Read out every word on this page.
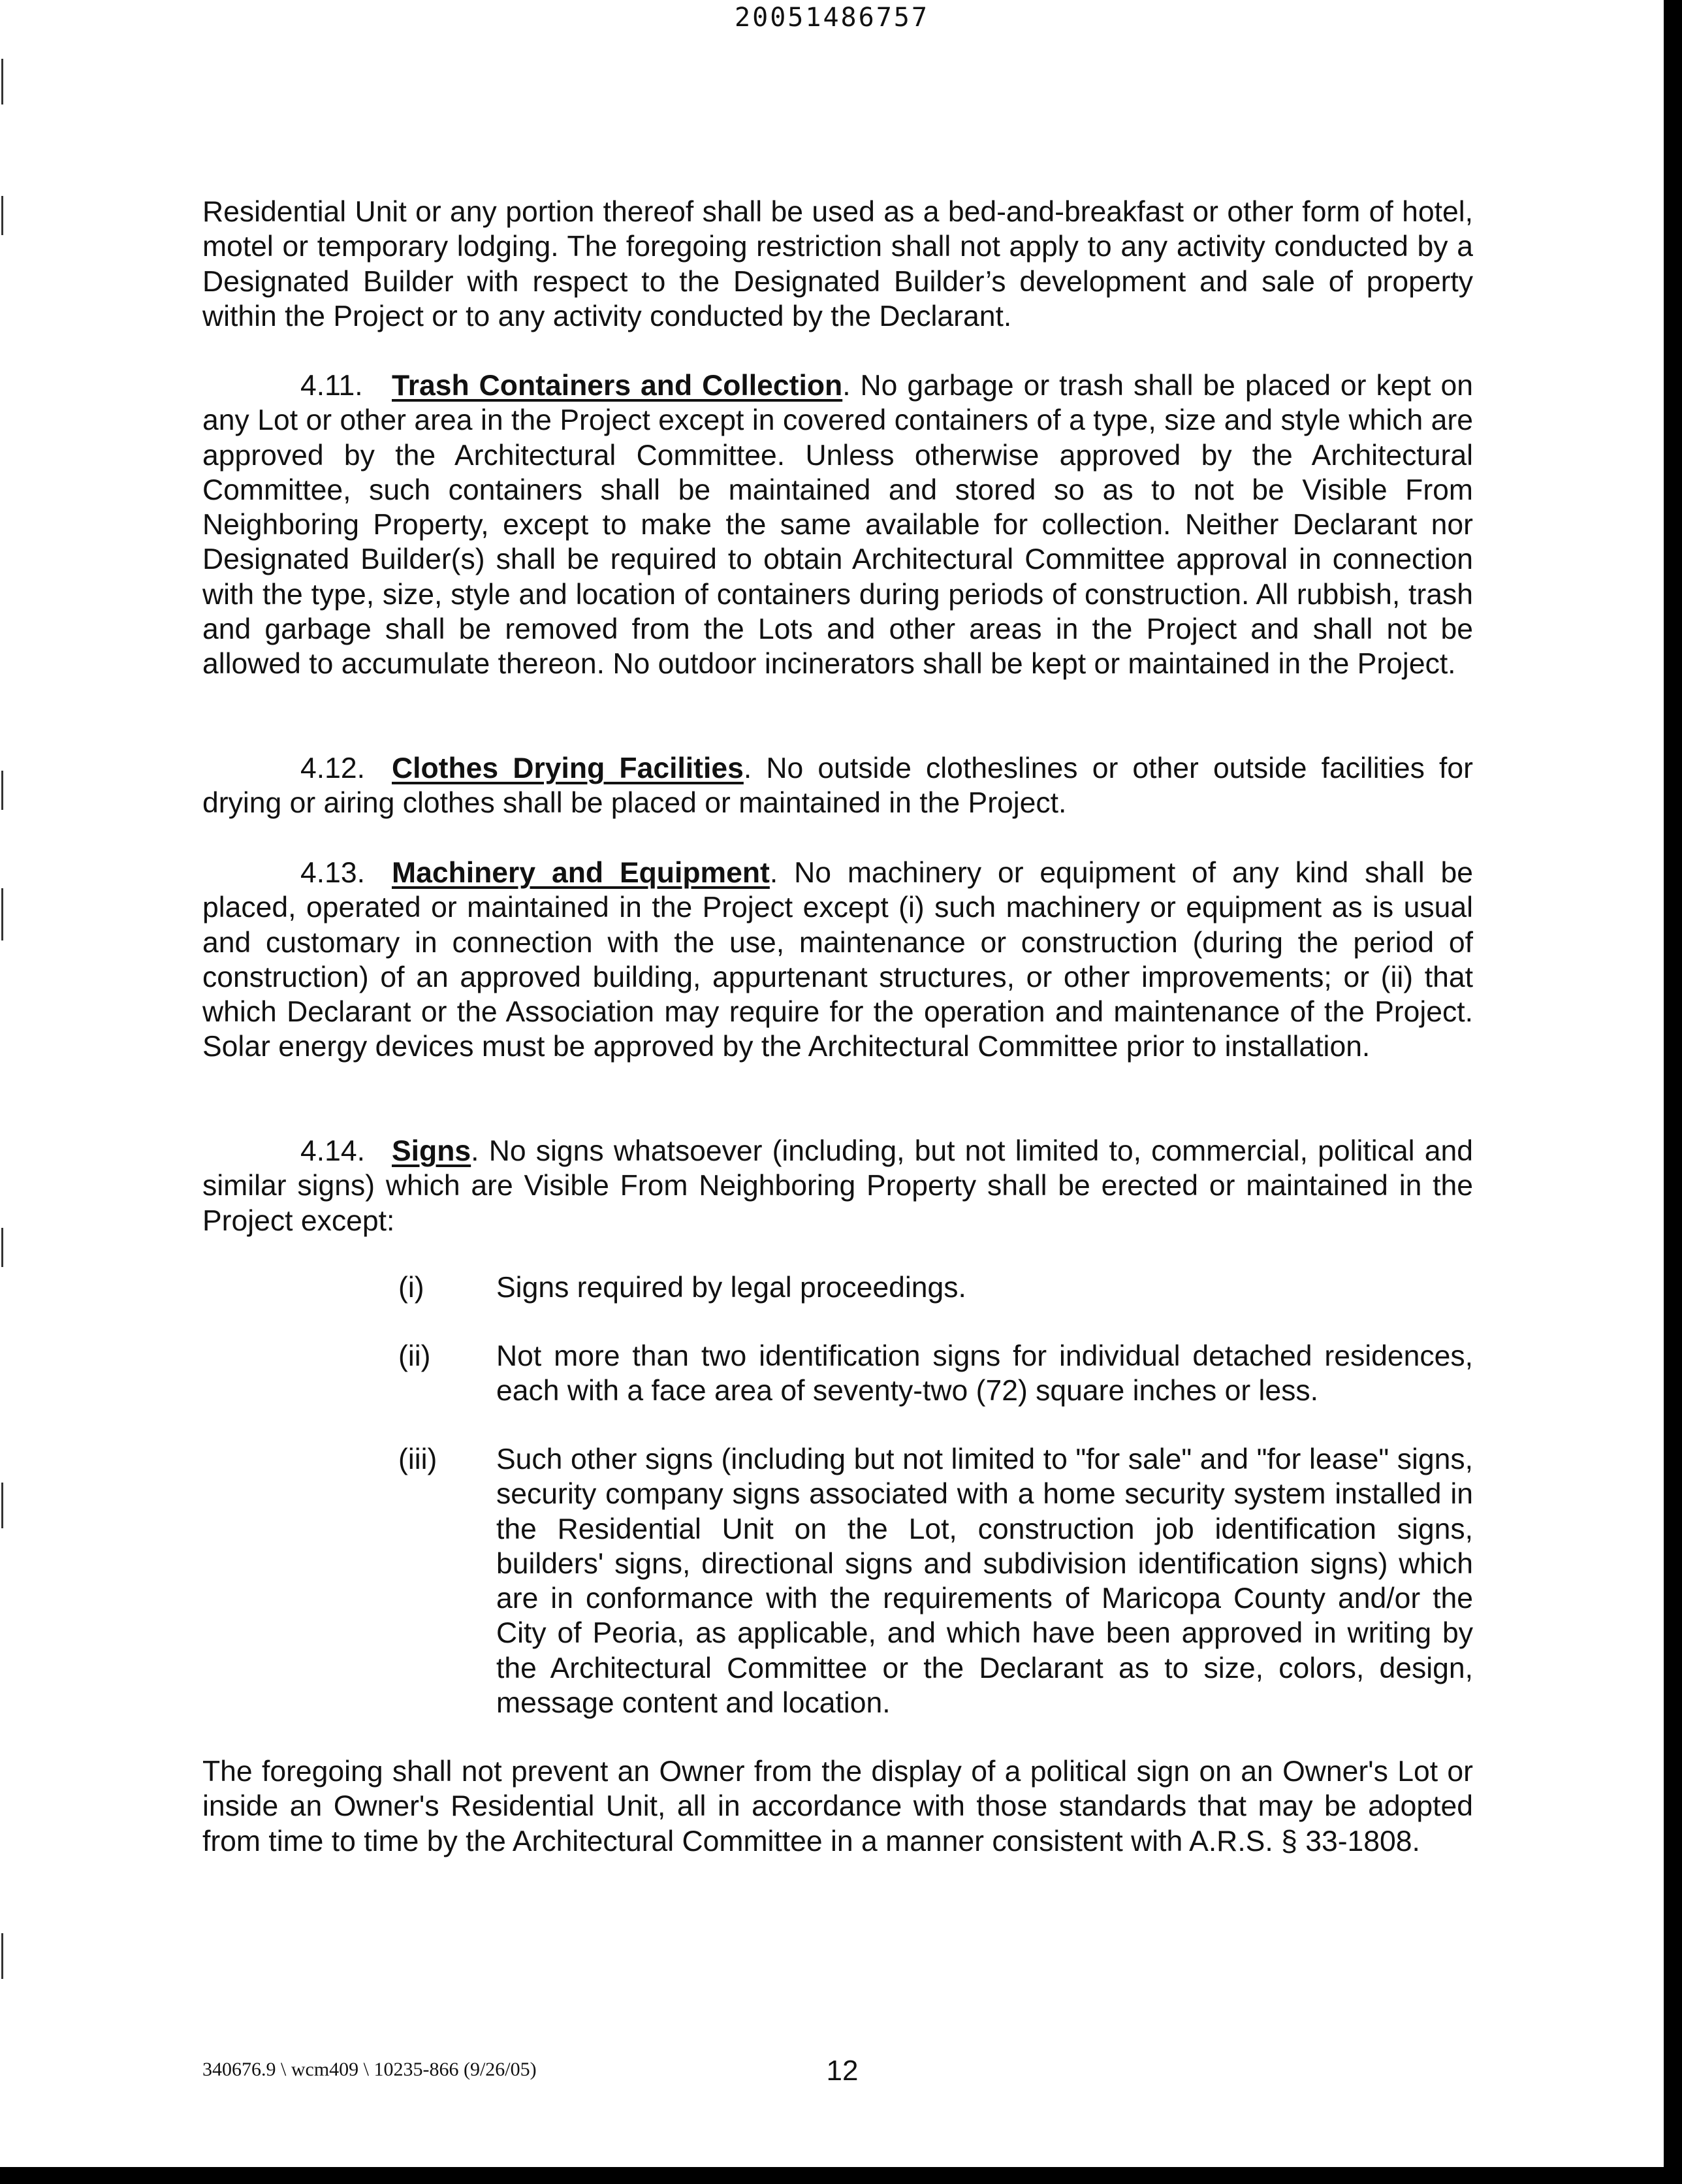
20051486757

Residential Unit or any portion thereof shall be used as a bed-and-breakfast or other form of hotel, motel or temporary lodging. The foregoing restriction shall not apply to any activity conducted by a Designated Builder with respect to the Designated Builder’s development and sale of property within the Project or to any activity conducted by the Declarant.

4.11. Trash Containers and Collection. No garbage or trash shall be placed or kept on any Lot or other area in the Project except in covered containers of a type, size and style which are approved by the Architectural Committee. Unless otherwise approved by the Architectural Committee, such containers shall be maintained and stored so as to not be Visible From Neighboring Property, except to make the same available for collection. Neither Declarant nor Designated Builder(s) shall be required to obtain Architectural Committee approval in connection with the type, size, style and location of containers during periods of construction. All rubbish, trash and garbage shall be removed from the Lots and other areas in the Project and shall not be allowed to accumulate thereon. No outdoor incinerators shall be kept or maintained in the Project.

4.12. Clothes Drying Facilities. No outside clotheslines or other outside facilities for drying or airing clothes shall be placed or maintained in the Project.

4.13. Machinery and Equipment. No machinery or equipment of any kind shall be placed, operated or maintained in the Project except (i) such machinery or equipment as is usual and customary in connection with the use, maintenance or construction (during the period of construction) of an approved building, appurtenant structures, or other improvements; or (ii) that which Declarant or the Association may require for the operation and maintenance of the Project. Solar energy devices must be approved by the Architectural Committee prior to installation.

4.14. Signs. No signs whatsoever (including, but not limited to, commercial, political and similar signs) which are Visible From Neighboring Property shall be erected or maintained in the Project except:

(i) Signs required by legal proceedings.
(ii) Not more than two identification signs for individual detached residences, each with a face area of seventy-two (72) square inches or less.
(iii) Such other signs (including but not limited to "for sale" and "for lease" signs, security company signs associated with a home security system installed in the Residential Unit on the Lot, construction job identification signs, builders' signs, directional signs and subdivision identification signs) which are in conformance with the requirements of Maricopa County and/or the City of Peoria, as applicable, and which have been approved in writing by the Architectural Committee or the Declarant as to size, colors, design, message content and location.

The foregoing shall not prevent an Owner from the display of a political sign on an Owner's Lot or inside an Owner's Residential Unit, all in accordance with those standards that may be adopted from time to time by the Architectural Committee in a manner consistent with A.R.S. § 33-1808.

340676.9 \ wcm409 \ 10235-866 (9/26/05)	12
